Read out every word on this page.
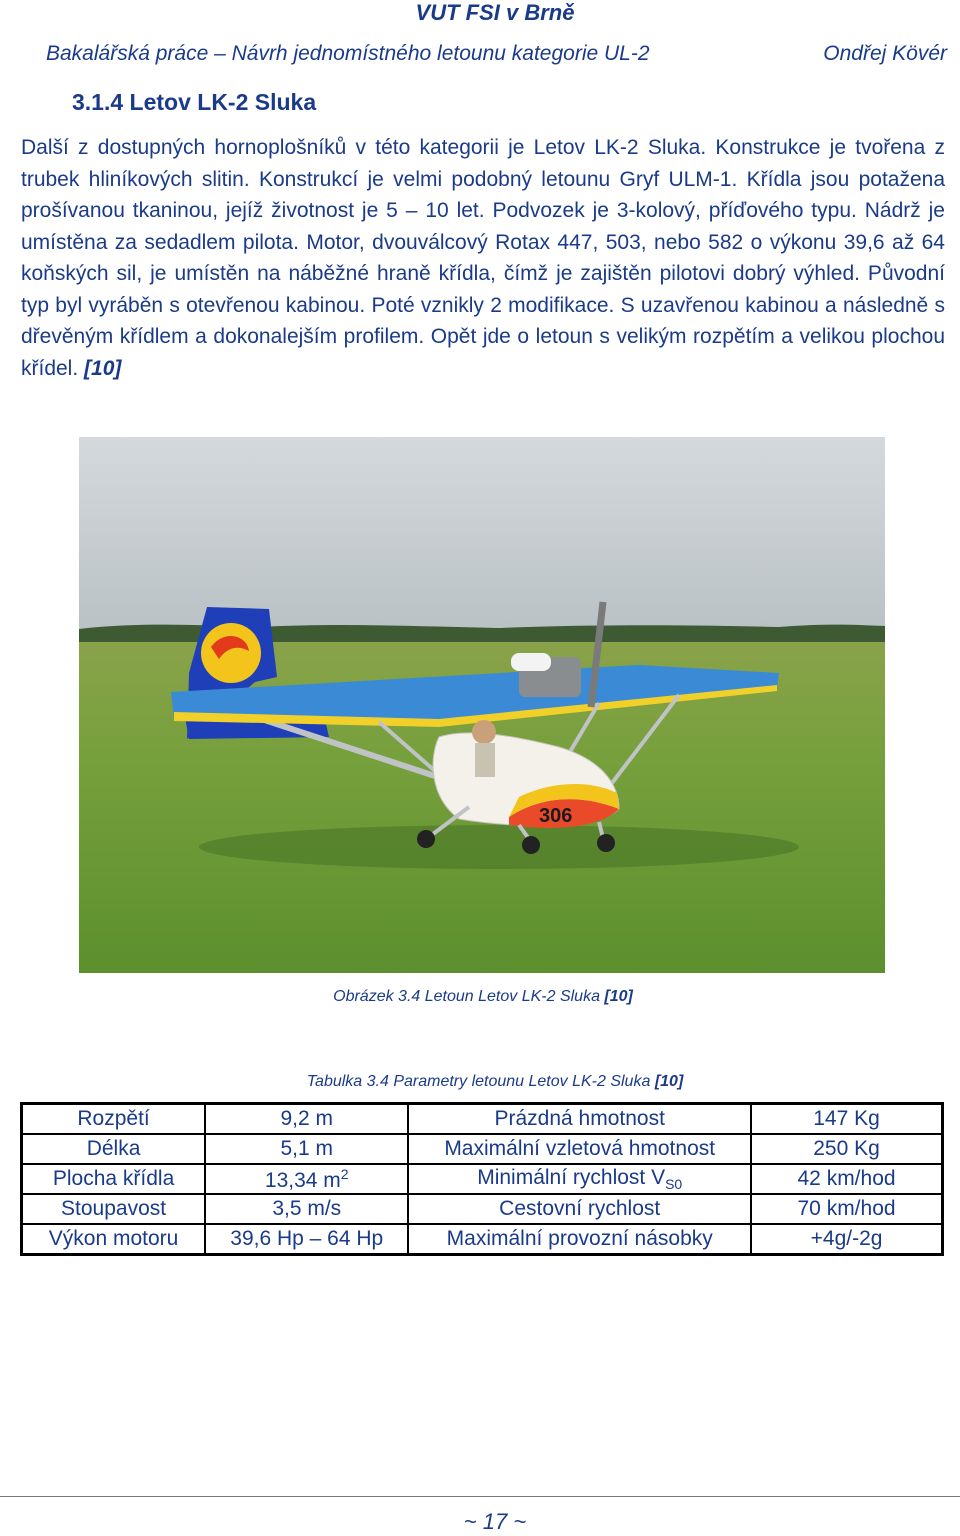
VUT FSI v Brně
Bakalářská práce – Návrh jednomístného letounu kategorie UL-2	Ondřej Kövér
3.1.4 Letov LK-2 Sluka
Další z dostupných hornoplošníků v této kategorii je Letov LK-2 Sluka. Konstrukce je tvořena z trubek hliníkových slitin. Konstrukcí je velmi podobný letounu Gryf ULM-1. Křídla jsou potažena prošívanou tkaninou, jejíž životnost je 5 – 10 let. Podvozek je 3-kolový, příďového typu. Nádrž je umístěna za sedadlem pilota. Motor, dvouválcový Rotax 447, 503, nebo 582 o výkonu 39,6 až 64 koňských sil, je umístěn na náběžné hraně křídla, čímž je zajištěn pilotovi dobrý výhled. Původní typ byl vyráběn s otevřenou kabinou. Poté vznikly 2 modifikace. S uzavřenou kabinou a následně s dřevěným křídlem a dokonalejším profilem. Opět jde o letoun s velikým rozpětím a velikou plochou křídel. [10]
306
Obrázek 3.4 Letoun Letov LK-2 Sluka [10]
Tabulka 3.4 Parametry letounu Letov LK-2 Sluka [10]
Rozpětí	9,2 m	Prázdná hmotnost	147 Kg
Délka	5,1 m	Maximální vzletová hmotnost	250 Kg
Plocha křídla	13,34 $m^2$	Minimální rychlost $V_{S0}$	42 km/hod
Stoupavost	3,5 m/s	Cestovní rychlost	70 km/hod
Výkon motoru	39,6 Hp – 64 Hp	Maximální provozní násobky	+4g/-2g
~ 17 ~
